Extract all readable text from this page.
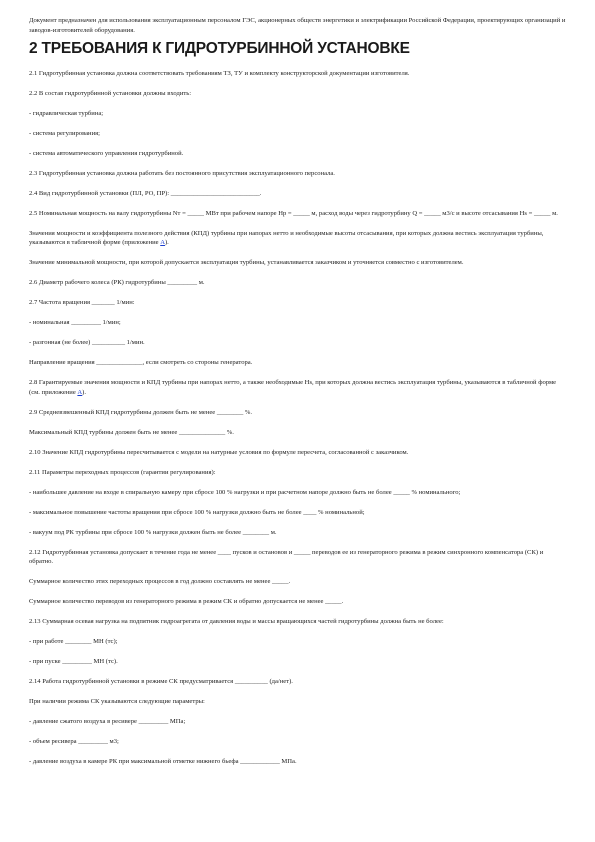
Документ предназначен для использования эксплуатационным персоналом ГЭС, акционерных обществ энергетики и электрификации Российской Федерации, проектирующих организаций и заводов-изготовителей оборудования.

2 ТРЕБОВАНИЯ К ГИДРОТУРБИННОЙ УСТАНОВКЕ

2.1 Гидротурбинная установка должна соответствовать требованиям ТЗ, ТУ и комплекту конструкторской документации изготовителя.

2.2 В состав гидротурбинной установки должны входить:

- гидравлическая турбина;

- система регулирования;

- система автоматического управления гидротурбиной.

2.3 Гидротурбинная установка должна работать без постоянного присутствия эксплуатационного персонала.

2.4 Вид гидротурбинной установки (ПЛ, РО, ПР): ___________________________.

2.5 Номинальная мощность на валу гидротурбины Nт = _____ МВт при рабочем напоре Hр = _____ м, расход воды через гидротурбину Q = _____ м3/с и высоте отсасывания Hs = _____ м.

Значения мощности и коэффициента полезного действия (КПД) турбины при напорах нетто и необходимые высоты отсасывания, при которых должна вестись эксплуатация турбины, указываются в табличной форме (приложение А).

Значение минимальной мощности, при которой допускается эксплуатация турбины, устанавливается заказчиком и уточняется совместно с изготовителем.

2.6 Диаметр рабочего колеса (РК) гидротурбины _________ м.

2.7 Частота вращения _______ 1/мин:

- номинальная _________ 1/мин;

- разгонная (не более) __________ 1/мин.

Направление вращения ______________, если смотреть со стороны генератора.

2.8 Гарантируемые значения мощности и КПД турбины при напорах нетто, а также необходимые Hs, при которых должна вестись эксплуатация турбины, указываются в табличной форме (см. приложение А).

2.9 Средневзвешенный КПД гидротурбины должен быть не менее ________ %.

Максимальный КПД турбины должен быть не менее ______________ %.

2.10 Значение КПД гидротурбины пересчитывается с модели на натурные условия по формуле пересчета, согласованной с заказчиком.

2.11 Параметры переходных процессов (гарантии регулирования):

- наибольшее давление на входе в спиральную камеру при сбросе 100 % нагрузки и при расчетном напоре должно быть не более _____ % номинального;

- максимальное повышение частоты вращения при сбросе 100 % нагрузки должно быть не более ____ % номинальной;

- вакуум под РК турбины при сбросе 100 % нагрузки должен быть не более ________ м.

2.12 Гидротурбинная установка допускает в течение года не менее ____ пусков и остановов и _____ переводов ее из генераторного режима в режим синхронного компенсатора (СК) и обратно.

Суммарное количество этих переходных процессов в год должно составлять не менее _____.

Суммарное количество переводов из генераторного режима в режим СК и обратно допускается не менее _____.

2.13 Суммарная осевая нагрузка на подпятник гидроагрегата от давления воды и массы вращающихся частей гидротурбины должна быть не более:

- при работе ________ МН (тс);

- при пуске _________ МН (тс).

2.14 Работа гидротурбинной установки в режиме СК предусматривается __________ (да/нет).

При наличии режима СК указываются следующие параметры:

- давление сжатого воздуха в ресивере _________ МПа;

- объем ресивера _________ м3;

- давление воздуха в камере РК при максимальной отметке нижнего бьефа ____________ МПа.
